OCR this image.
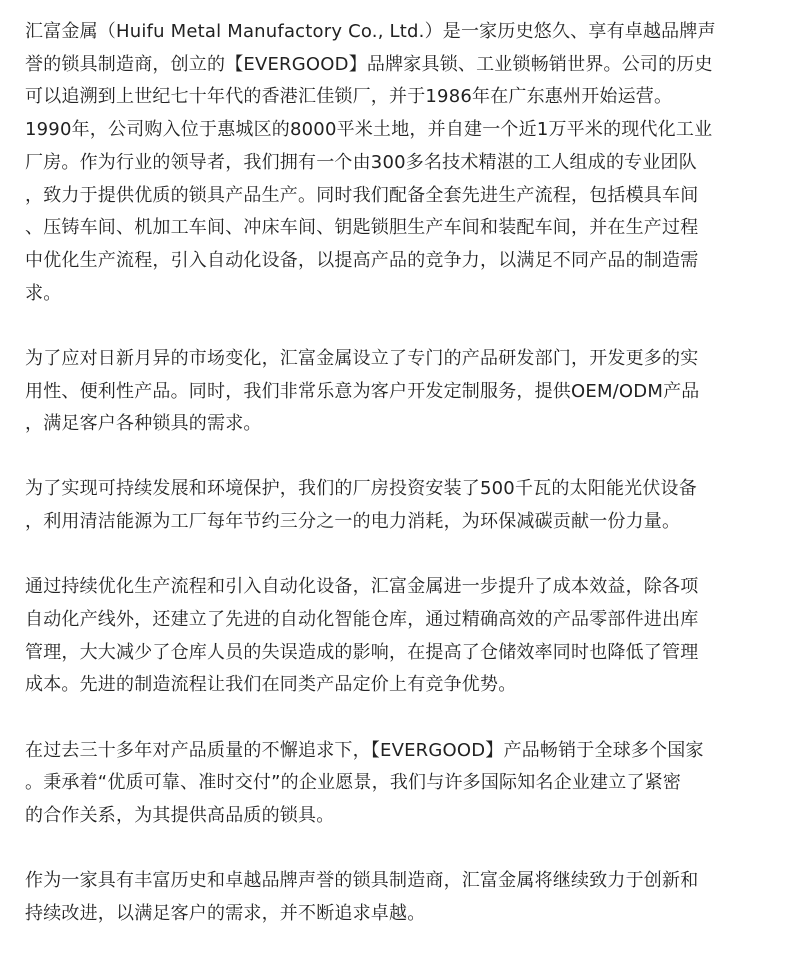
汇富金属（Huifu Metal Manufactory Co., Ltd.）是一家历史悠久、享有卓越品牌声
誉的锁具制造商，创立的【EVERGOOD】品牌家具锁、工业锁畅销世界。公司的历史
可以追溯到上世纪七十年代的香港汇佳锁厂，并于1986年在广东惠州开始运营。
1990年，公司购入位于惠城区的8000平米土地，并自建一个近1万平米的现代化工业
厂房。作为行业的领导者，我们拥有一个由300多名技术精湛的工人组成的专业团队
，致力于提供优质的锁具产品生产。同时我们配备全套先进生产流程，包括模具车间
、压铸车间、机加工车间、冲床车间、钥匙锁胆生产车间和装配车间，并在生产过程
中优化生产流程，引入自动化设备，以提高产品的竞争力，以满足不同产品的制造需
求。

为了应对日新月异的市场变化，汇富金属设立了专门的产品研发部门，开发更多的实
用性、便利性产品。同时，我们非常乐意为客户开发定制服务，提供OEM/ODM产品
，满足客户各种锁具的需求。

为了实现可持续发展和环境保护，我们的厂房投资安装了500千瓦的太阳能光伏设备
，利用清洁能源为工厂每年节约三分之一的电力消耗，为环保减碳贡献一份力量。

通过持续优化生产流程和引入自动化设备，汇富金属进一步提升了成本效益，除各项
自动化产线外，还建立了先进的自动化智能仓库，通过精确高效的产品零部件进出库
管理，大大减少了仓库人员的失误造成的影响，在提高了仓储效率同时也降低了管理
成本。先进的制造流程让我们在同类产品定价上有竞争优势。

在过去三十多年对产品质量的不懈追求下，【EVERGOOD】产品畅销于全球多个国家
。秉承着“优质可靠、准时交付”的企业愿景，我们与许多国际知名企业建立了紧密
的合作关系，为其提供高品质的锁具。

作为一家具有丰富历史和卓越品牌声誉的锁具制造商，汇富金属将继续致力于创新和
持续改进，以满足客户的需求，并不断追求卓越。
